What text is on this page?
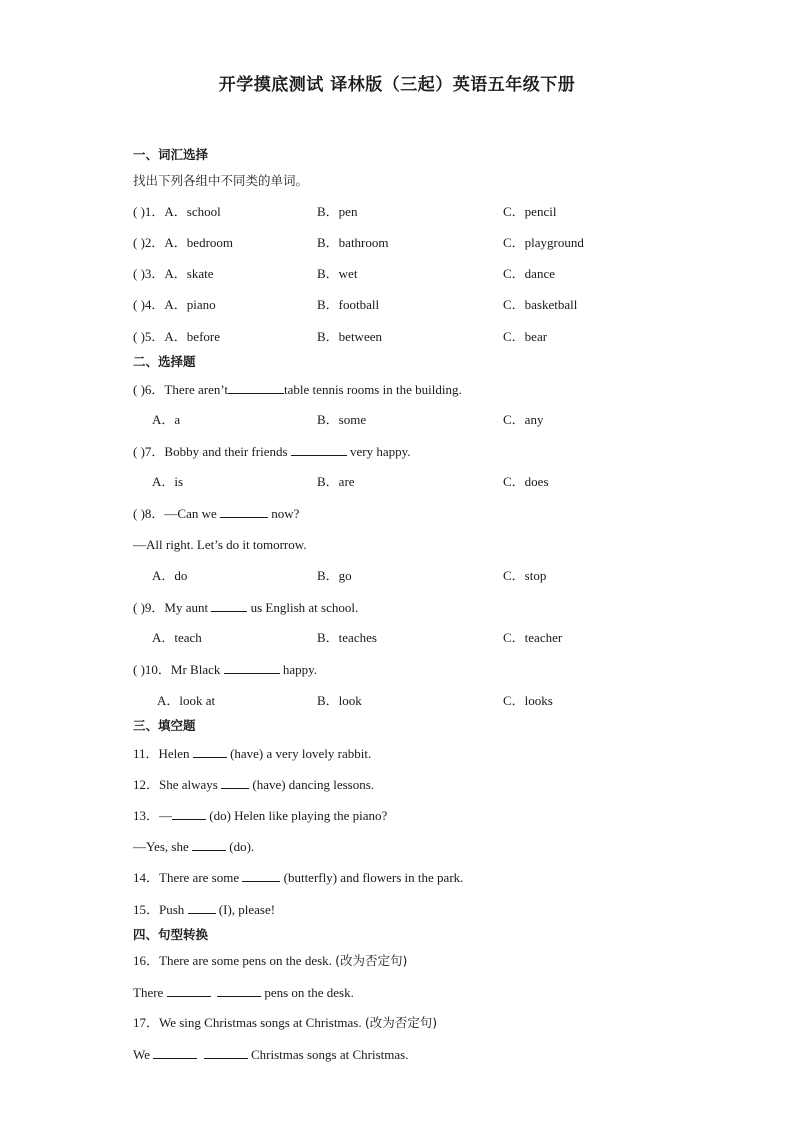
开学摸底测试 译林版（三起）英语五年级下册
一、词汇选择
找出下列各组中不同类的单词。
( )1．A．school	B．pen	C．pencil
( )2．A．bedroom	B．bathroom	C．playground
( )3．A．skate	B．wet	C．dance
( )4．A．piano	B．football	C．basketball
( )5．A．before	B．between	C．bear
二、选择题
( )6．There aren’t	table tennis rooms in the building.
A．a	B．some	C．any
( )7．Bobby and their friends	very happy.
A．is	B．are	C．does
( )8．—Can we	now?
—All right. Let’s do it tomorrow.
A．do	B．go	C．stop
( )9．My aunt	us English at school.
A．teach	B．teaches	C．teacher
( )10．Mr Black	happy.
A．look at	B．look	C．looks
三、填空题
11．Helen	(have) a very lovely rabbit.
12．She always  (have) dancing lessons.
13．—	(do) Helen like playing the piano?
—Yes, she	(do).
14．There are some	(butterfly) and flowers in the park.
15．Push  (I), please!
四、句型转换
16．There are some pens on the desk. (改为否定句)
There	pens on the desk.
17．We sing Christmas songs at Christmas. (改为否定句)
We	Christmas songs at Christmas.
